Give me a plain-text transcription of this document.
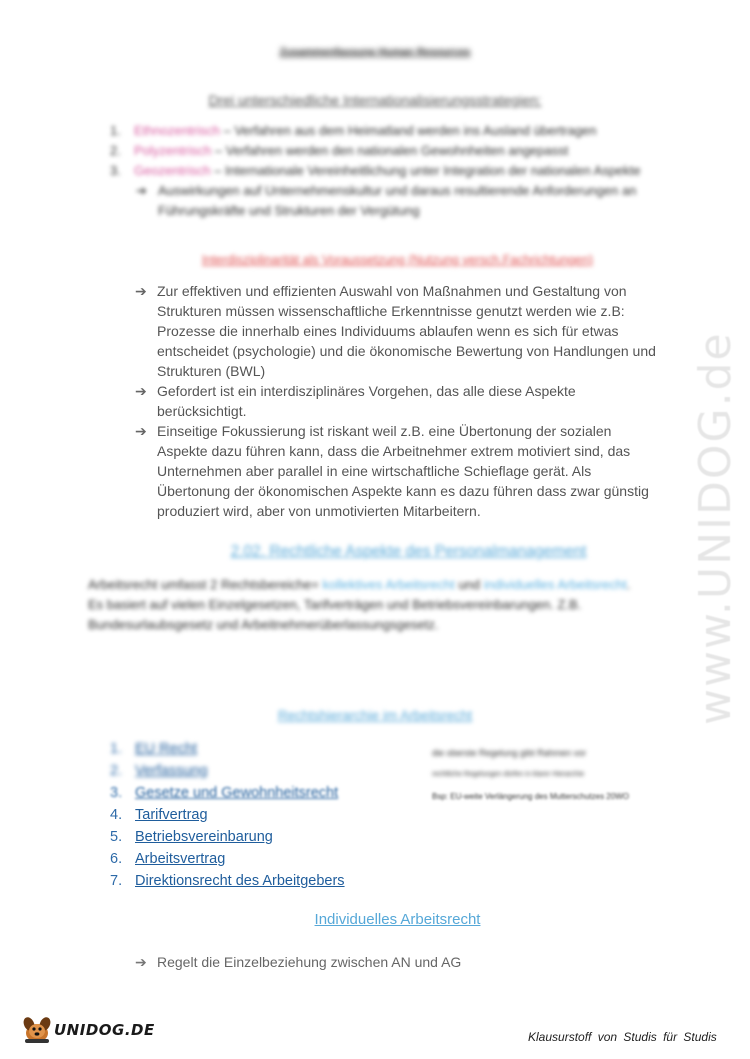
Zusammenfassung Human Resources
Drei unterschiedliche Internationalisierungsstrategien:
1.	Ethnozentrisch – Verfahren aus dem Heimatland werden ins Ausland übertragen
2.	Polyzentrisch – Verfahren werden den nationalen Gewohnheiten angepasst
3.	Geozentrisch – Internationale Vereinheitlichung unter Integration der nationalen Aspekte
➔ Auswirkungen auf Unternehmenskultur und daraus resultierende Anforderungen an Führungskräfte und Strukturen der Vergütung
Interdisziplinarität als Voraussetzung (Nutzung versch.Fachrichtungen)
➔ Zur effektiven und effizienten Auswahl von Maßnahmen und Gestaltung von Strukturen müssen wissenschaftliche Erkenntnisse genutzt werden wie z.B: Prozesse die innerhalb eines Individuums ablaufen wenn es sich für etwas entscheidet (psychologie) und die ökonomische Bewertung von Handlungen und Strukturen (BWL)
➔ Gefordert ist ein interdisziplinäres Vorgehen, das alle diese Aspekte berücksichtigt.
➔ Einseitige Fokussierung ist riskant weil z.B. eine Übertonung der sozialen Aspekte dazu führen kann, dass die Arbeitnehmer extrem motiviert sind, das Unternehmen aber parallel in eine wirtschaftliche Schieflage gerät. Als Übertonung der ökonomischen Aspekte kann es dazu führen dass zwar günstig produziert wird, aber von unmotivierten Mitarbeitern.
2.02. Rechtliche Aspekte des Personalmanagement
Arbeitsrecht umfasst 2 Rechtsbereiche= kollektives Arbeitsrecht und individuelles Arbeitsrecht. Es basiert auf vielen Einzelgesetzen, Tarifverträgen und Betriebsvereinbarungen. Z.B. Bundesurlaubsgesetz und Arbeitnehmerüberlassungsgesetz.
Rechtshierarchie im Arbeitsrecht
1. EU Recht	die oberste Regelung gibt Rahmen vor
2. Verfassung	rechtliche Regelungen dürfen in klarer Hierarchie
3. Gesetze und Gewohnheitsrecht	Bsp: EU-weite Verlängerung des Mutterschutzes 20WO
4. Tarifvertrag
5. Betriebsvereinbarung
6. Arbeitsvertrag
7. Direktionsrecht des Arbeitgebers
Individuelles Arbeitsrecht
➔ Regelt die Einzelbeziehung zwischen AN und AG
www.UNIDOG.de
UNIDOG.DE	Klausurstoff von Studis für Studis
